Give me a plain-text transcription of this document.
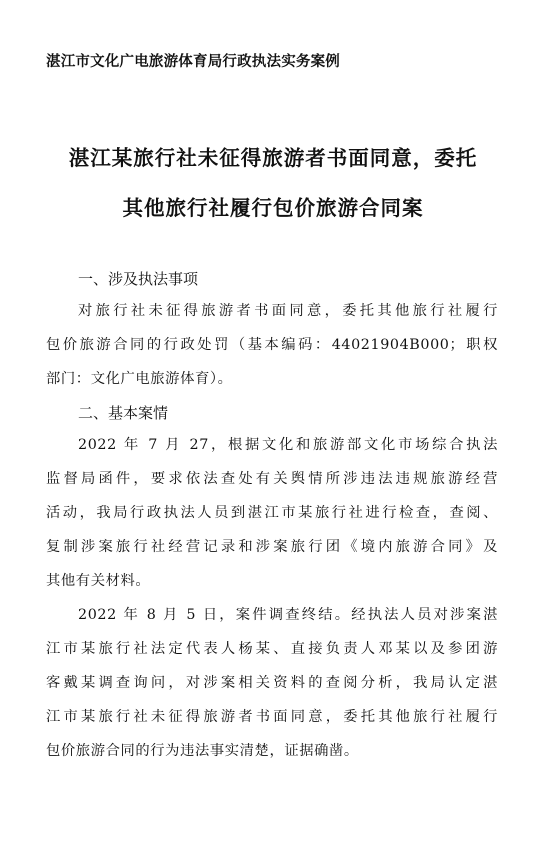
湛江市文化广电旅游体育局行政执法实务案例
湛江某旅行社未征得旅游者书面同意，委托
其他旅行社履行包价旅游合同案
一、涉及执法事项
对旅行社未征得旅游者书面同意，委托其他旅行社履行
包价旅游合同的行政处罚（基本编码：44021904B000；职权
部门：文化广电旅游体育）。
二、基本案情
2022 年 7 月 27，根据文化和旅游部文化市场综合执法
监督局函件，要求依法查处有关舆情所涉违法违规旅游经营
活动，我局行政执法人员到湛江市某旅行社进行检查，查阅、
复制涉案旅行社经营记录和涉案旅行团《境内旅游合同》及
其他有关材料。
2022 年 8 月 5 日，案件调查终结。经执法人员对涉案湛
江市某旅行社法定代表人杨某、直接负责人邓某以及参团游
客戴某调查询问，对涉案相关资料的查阅分析，我局认定湛
江市某旅行社未征得旅游者书面同意，委托其他旅行社履行
包价旅游合同的行为违法事实清楚，证据确凿。
